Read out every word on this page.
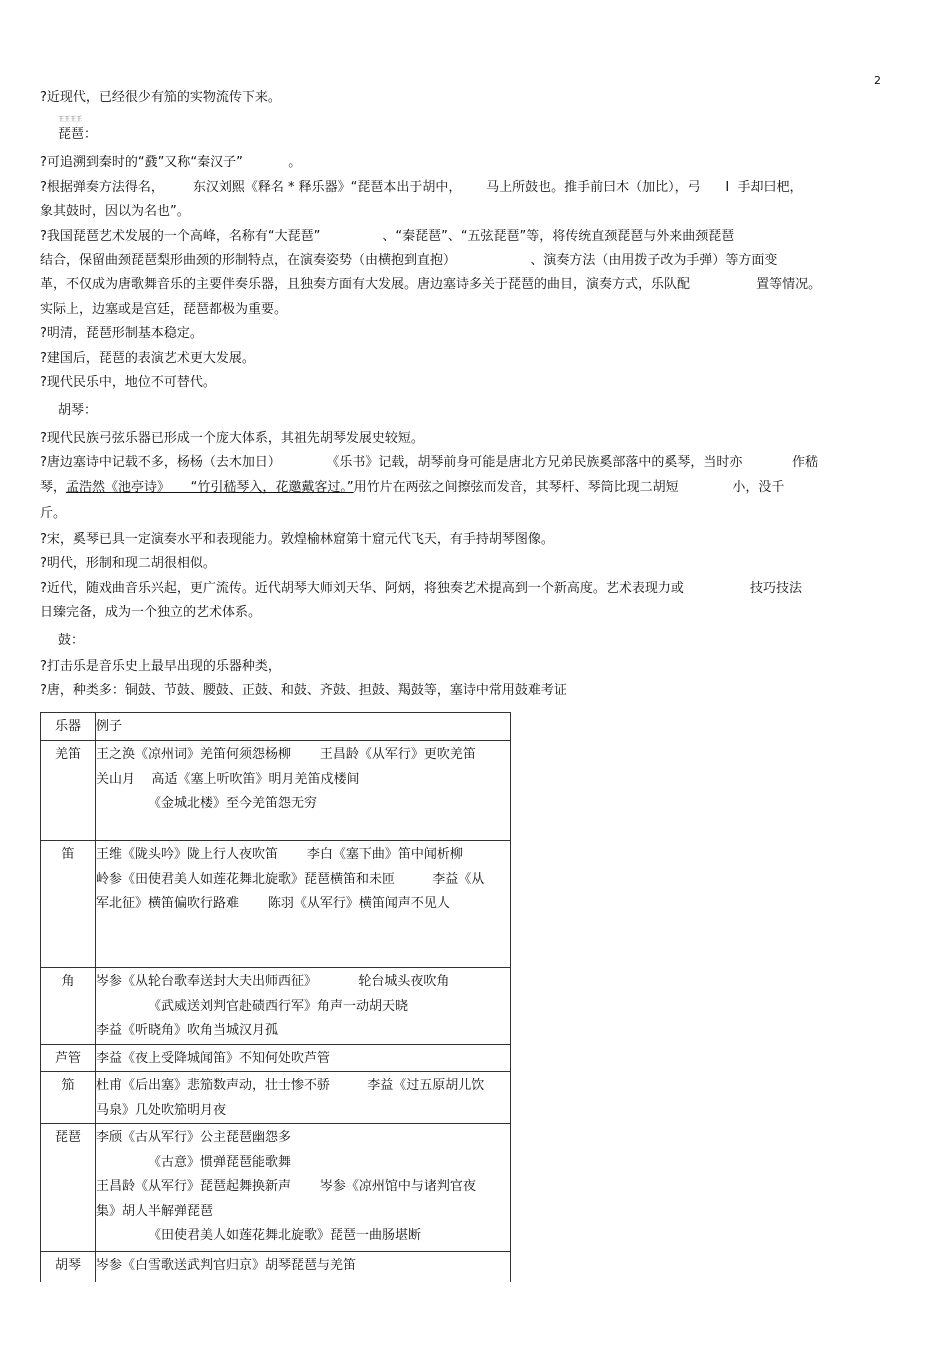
2
?近现代，已经很少有笳的实物流传下来。
王王王王
琵琶：
?可追溯到秦时的“鼗”又称“秦汉子”           。
?根据弹奏方法得名，       东汉刘熙《释名 * 释乐器》“琵琶本出于胡中，      马上所鼓也。推手前曰木（加比），弓      I  手却曰杷，
象其鼓时，因以为名也”。
?我国琵琶艺术发展的一个高峰，名称有“大琵琶”               、“秦琵琶”、“五弦琵琶”等，将传统直颈琵琶与外来曲颈琵琶
结合，保留曲颈琵琶梨形曲颈的形制特点，在演奏姿势（由横抱到直抱）                  、演奏方法（由用拨子改为手弹）等方面变
革，不仅成为唐歌舞音乐的主要伴奏乐器，且独奏方面有大发展。唐边塞诗多关于琵琶的曲目，演奏方式，乐队配                置等情况。
实际上，边塞或是宫廷，琵琶都极为重要。
?明清，琵琶形制基本稳定。
?建国后，琵琶的表演艺术更大发展。
?现代民乐中，地位不可替代。
胡琴：
?现代民族弓弦乐器已形成一个庞大体系，其祖先胡琴发展史较短。
?唐边塞诗中记载不多，杨杨（去木加日）           《乐书》记载，胡琴前身可能是唐北方兄弟民族奚部落中的奚琴，当时亦            作嵇
琴，孟浩然《池亭诗》     “竹引嵇琴入，花邀戴客过。”用竹片在两弦之间擦弦而发音，其琴杆、琴筒比现二胡短             小，没千
斤。
?宋，奚琴已具一定演奏水平和表现能力。敦煌榆林窟第十窟元代飞天，有手持胡琴图像。
?明代，形制和现二胡很相似。
?近代，随戏曲音乐兴起，更广流传。近代胡琴大师刘天华、阿炳，将独奏艺术提高到一个新高度。艺术表现力或                技巧技法
日臻完备，成为一个独立的艺术体系。
鼓：
?打击乐是音乐史上最早出现的乐器种类，
?唐，种类多：铜鼓、节鼓、腰鼓、正鼓、和鼓、齐鼓、担鼓、羯鼓等，塞诗中常用鼓难考证
乐器	例子
羌笛	王之涣《凉州词》羌笛何须怨杨柳       王昌龄《从军行》更吹羌笛
关山月    高适《塞上听吹笛》明月羌笛戍楼间
《金城北楼》至今羌笛怨无穷

笛	王维《陇头吟》陇上行人夜吹笛       李白《塞下曲》笛中闻析柳
岭参《田使君美人如莲花舞北旋歌》琵琶横笛和未匝         李益《从
军北征》横笛偏吹行路难       陈羽《从军行》横笛闻声不见人

角	岑参《从轮台歌奉送封大夫出师西征》          轮台城头夜吹角
《武威送刘判官赴碛西行军》角声一动胡天晓
李益《听晓角》吹角当城汉月孤

芦管	李益《夜上受降城闻笛》不知何处吹芦管

笳	杜甫《后出塞》悲笳数声动，壮士惨不骄         李益《过五原胡儿饮
马泉》几处吹笳明月夜

琵琶	李颀《古从军行》公主琵琶幽怨多
《古意》惯弹琵琶能歌舞
王昌龄《从军行》琵琶起舞换新声       岑参《凉州馆中与诸判官夜
集》胡人半解弹琵琶
《田使君美人如莲花舞北旋歌》琵琶一曲肠堪断

胡琴	岑参《白雪歌送武判官归京》胡琴琵琶与羌笛
